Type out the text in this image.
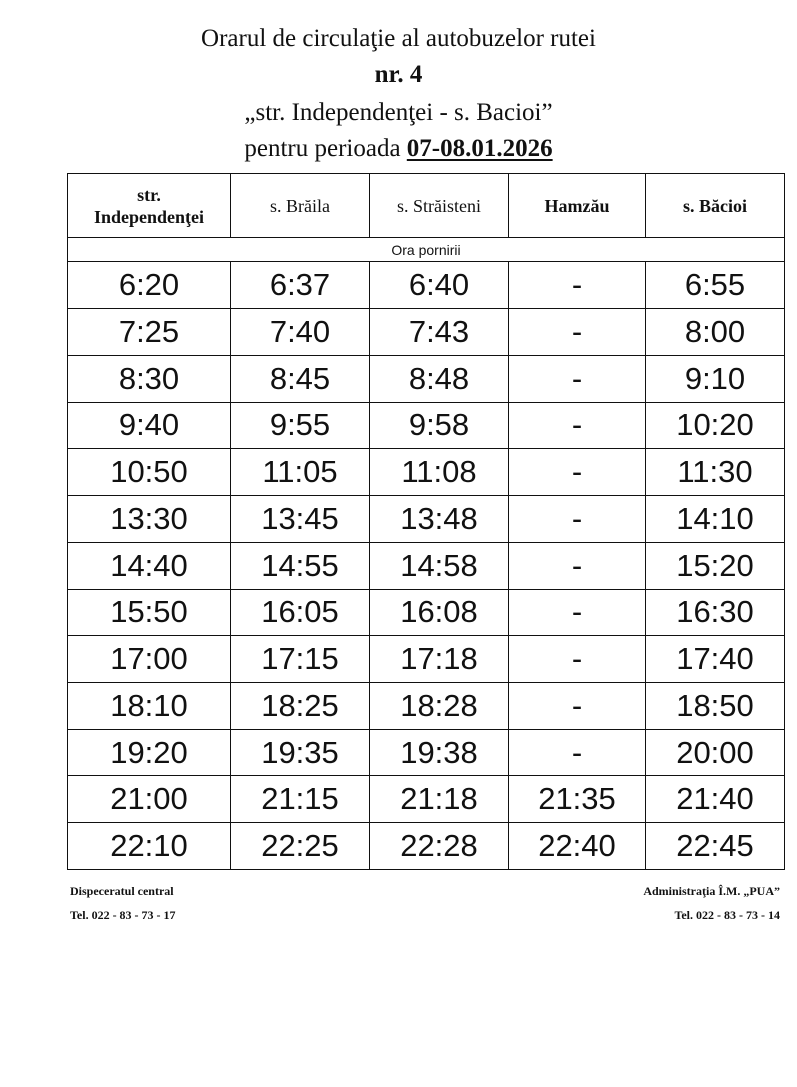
Orarul de circulaţie al autobuzelor rutei
nr. 4
„str. Independenţei - s. Bacioi”
pentru perioada 07-08.01.2026
str.
Independenţei	s. Brăila	s. Străisteni	Hamzău	s. Băcioi
Ora pornirii				
6:20	6:37	6:40	-	6:55
7:25	7:40	7:43	-	8:00
8:30	8:45	8:48	-	9:10
9:40	9:55	9:58	-	10:20
10:50	11:05	11:08	-	11:30
13:30	13:45	13:48	-	14:10
14:40	14:55	14:58	-	15:20
15:50	16:05	16:08	-	16:30
17:00	17:15	17:18	-	17:40
18:10	18:25	18:28	-	18:50
19:20	19:35	19:38	-	20:00
21:00	21:15	21:18	21:35	21:40
22:10	22:25	22:28	22:40	22:45
Dispeceratul central
Tel. 022 - 83 - 73 - 17
Administraţia Î.M. „PUA”
Tel. 022 - 83 - 73 - 14
